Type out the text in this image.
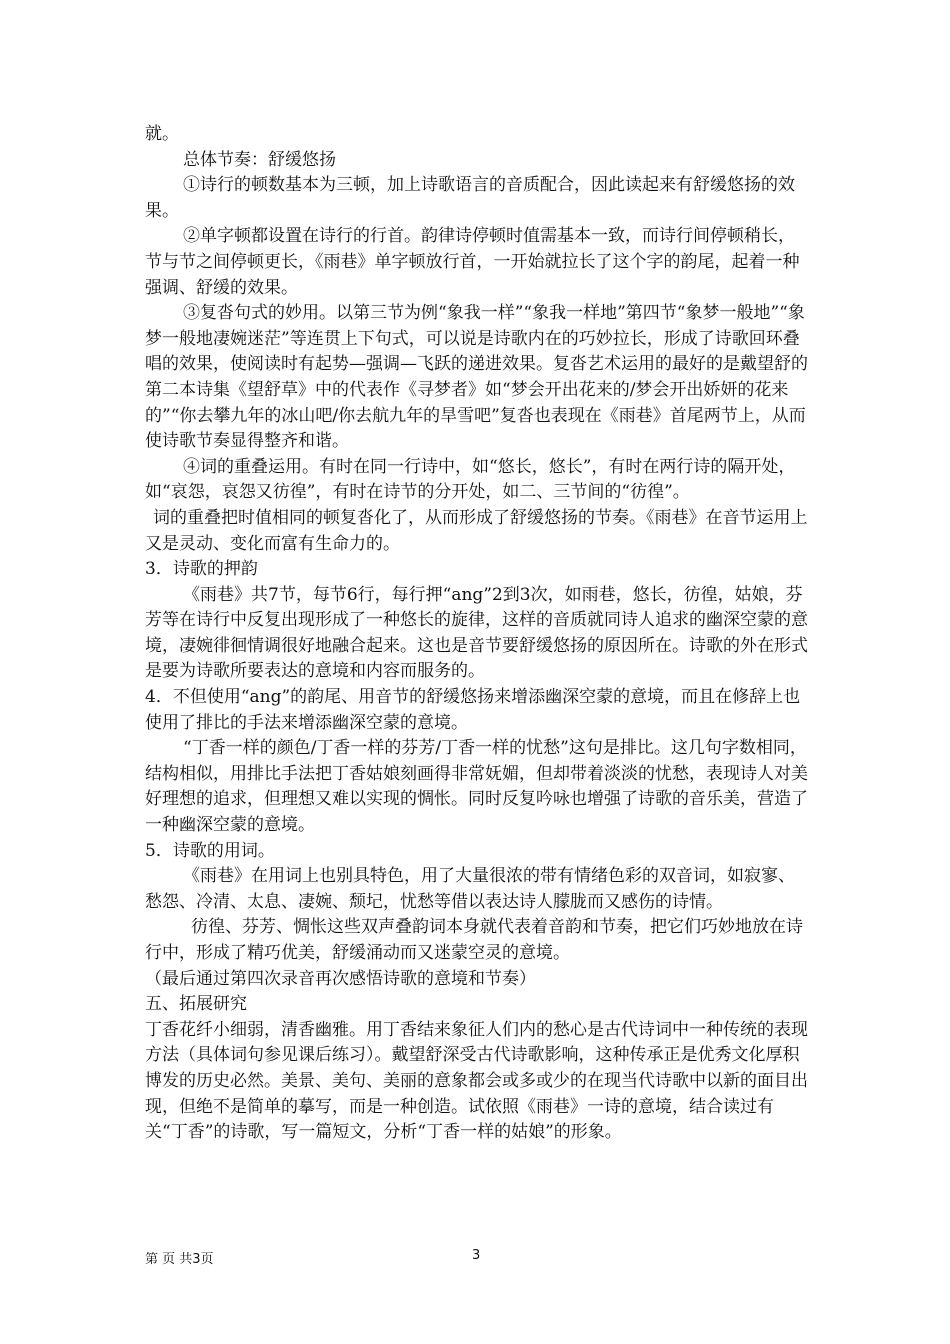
就。

总体节奏：舒缓悠扬

①诗行的顿数基本为三顿，加上诗歌语言的音质配合，因此读起来有舒缓悠扬的效果。

②单字顿都设置在诗行的行首。韵律诗停顿时值需基本一致，而诗行间停顿稍长，节与节之间停顿更长，《雨巷》单字顿放行首，一开始就拉长了这个字的韵尾，起着一种强调、舒缓的效果。

③复沓句式的妙用。以第三节为例“象我一样”“象我一样地”第四节“象梦一般地”“象梦一般地凄婉迷茫”等连贯上下句式，可以说是诗歌内在的巧妙拉长，形成了诗歌回环叠唱的效果，使阅读时有起势—强调—飞跃的递进效果。复沓艺术运用的最好的是戴望舒的第二本诗集《望舒草》中的代表作《寻梦者》如“梦会开出花来的/梦会开出娇妍的花来的”“你去攀九年的冰山吧/你去航九年的旱雪吧”复沓也表现在《雨巷》首尾两节上，从而使诗歌节奏显得整齐和谐。

④词的重叠运用。有时在同一行诗中，如“悠长，悠长”，有时在两行诗的隔开处，如“哀怨，哀怨又彷徨”，有时在诗节的分开处，如二、三节间的“彷徨”。

词的重叠把时值相同的顿复沓化了，从而形成了舒缓悠扬的节奏。《雨巷》在音节运用上又是灵动、变化而富有生命力的。

3．诗歌的押韵

《雨巷》共7节，每节6行，每行押“ang”2到3次，如雨巷，悠长，彷徨，姑娘，芬芳等在诗行中反复出现形成了一种悠长的旋律，这样的音质就同诗人追求的幽深空蒙的意境，凄婉徘徊情调很好地融合起来。这也是音节要舒缓悠扬的原因所在。诗歌的外在形式是要为诗歌所要表达的意境和内容而服务的。

4．不但使用“ang”的韵尾、用音节的舒缓悠扬来增添幽深空蒙的意境，而且在修辞上也使用了排比的手法来增添幽深空蒙的意境。

“丁香一样的颜色/丁香一样的芬芳/丁香一样的忧愁”这句是排比。这几句字数相同，结构相似，用排比手法把丁香姑娘刻画得非常妩媚，但却带着淡淡的忧愁，表现诗人对美好理想的追求，但理想又难以实现的惆怅。同时反复吟咏也增强了诗歌的音乐美，营造了一种幽深空蒙的意境。

5．诗歌的用词。

《雨巷》在用词上也别具特色，用了大量很浓的带有情绪色彩的双音词，如寂寥、愁怨、冷清、太息、凄婉、颓圮，忧愁等借以表达诗人朦胧而又感伤的诗情。

彷徨、芬芳、惆怅这些双声叠韵词本身就代表着音韵和节奏，把它们巧妙地放在诗行中，形成了精巧优美，舒缓涌动而又迷蒙空灵的意境。

（最后通过第四次录音再次感悟诗歌的意境和节奏）

五、拓展研究

丁香花纤小细弱，清香幽雅。用丁香结来象征人们内的愁心是古代诗词中一种传统的表现方法（具体词句参见课后练习）。戴望舒深受古代诗歌影响，这种传承正是优秀文化厚积博发的历史必然。美景、美句、美丽的意象都会或多或少的在现当代诗歌中以新的面目出现，但绝不是简单的摹写，而是一种创造。试依照《雨巷》一诗的意境，结合读过有关“丁香”的诗歌，写一篇短文，分析“丁香一样的姑娘”的形象。

第 页 共3页	3
